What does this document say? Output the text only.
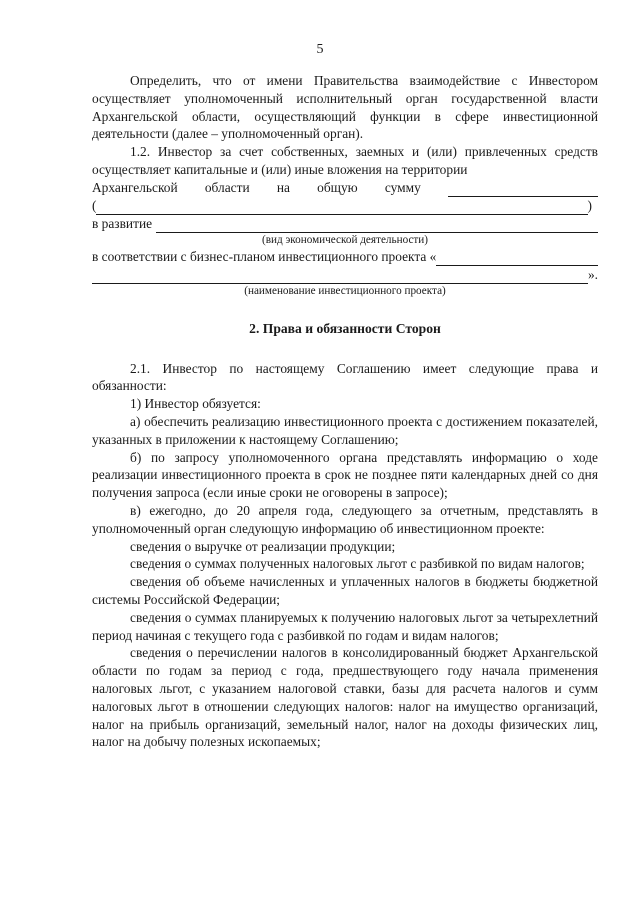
5

Определить, что от имени Правительства взаимодействие с Инвестором осуществляет уполномоченный исполнительный орган государственной власти Архангельской области, осуществляющий функции в сфере инвестиционной деятельности (далее – уполномоченный орган).

1.2. Инвестор за счет собственных, заемных и (или) привлеченных средств осуществляет капитальные и (или) иные вложения на территории

Архангельской области на общую сумму
(	)
в развитие
(вид экономической деятельности)
в соответствии с бизнес-планом инвестиционного проекта «
».
(наименование инвестиционного проекта)
2. Права и обязанности Сторон

2.1. Инвестор по настоящему Соглашению имеет следующие права и обязанности:

1) Инвестор обязуется:

а) обеспечить реализацию инвестиционного проекта с достижением показателей, указанных в приложении к настоящему Соглашению;

б) по запросу уполномоченного органа представлять информацию о ходе реализации инвестиционного проекта в срок не позднее пяти календарных дней со дня получения запроса (если иные сроки не оговорены в запросе);

в) ежегодно, до 20 апреля года, следующего за отчетным, представлять в уполномоченный орган следующую информацию об инвестиционном проекте:

сведения о выручке от реализации продукции;

сведения о суммах полученных налоговых льгот с разбивкой по видам налогов;

сведения об объеме начисленных и уплаченных налогов в бюджеты бюджетной системы Российской Федерации;

сведения о суммах планируемых к получению налоговых льгот за четырехлетний период начиная с текущего года с разбивкой по годам и видам налогов;

сведения о перечислении налогов в консолидированный бюджет Архангельской области по годам за период с года, предшествующего году начала применения налоговых льгот, с указанием налоговой ставки, базы для расчета налогов и сумм налоговых льгот в отношении следующих налогов: налог на имущество организаций, налог на прибыль организаций, земельный налог, налог на доходы физических лиц, налог на добычу полезных ископаемых;
